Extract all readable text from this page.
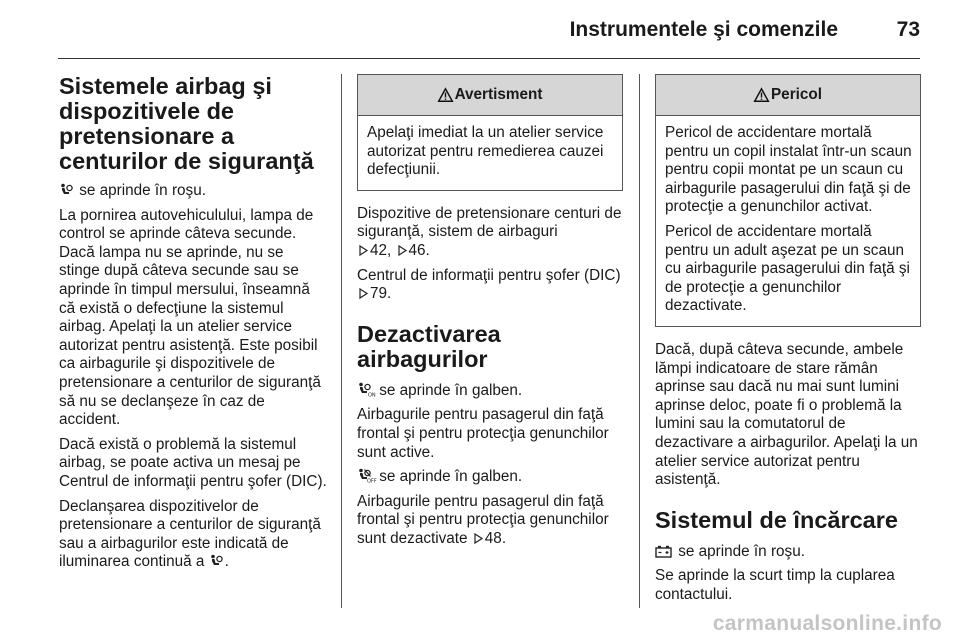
Instrumentele şi comenzile	73
Sistemele airbag şi dispozitivele de pretensionare a centurilor de siguranţă

se aprinde în roşu.

La pornirea autovehiculului, lampa de control se aprinde câteva secunde. Dacă lampa nu se aprinde, nu se stinge după câteva secunde sau se aprinde în timpul mersului, înseamnă că există o defecţiune la sistemul airbag. Apelaţi la un atelier service autorizat pentru asistenţă. Este posibil ca airbagurile şi dispozitivele de pretensionare a centurilor de siguranţă să nu se declanşeze în caz de accident.

Dacă există o problemă la sistemul airbag, se poate activa un mesaj pe Centrul de informaţii pentru şofer (DIC).

Declanşarea dispozitivelor de pretensionare a centurilor de siguranţă sau a airbagurilor este indicată de iluminarea continuă a .

Avertisment

Apelaţi imediat la un atelier service autorizat pentru remedierea cauzei defecţiunii.

Dispozitive de pretensionare centuri de siguranţă, sistem de airbaguri
42, 46.

Centrul de informaţii pentru şofer (DIC) 79.

Dezactivarea airbagurilor

ON se aprinde în galben.

Airbagurile pentru pasagerul din faţă frontal şi pentru protecţia genunchilor sunt active.

OFF
se aprinde în galben.

Airbagurile pentru pasagerul din faţă frontal şi pentru protecţia genunchilor sunt dezactivate 48.

Pericol

Pericol de accidentare mortală pentru un copil instalat într-un scaun pentru copii montat pe un scaun cu airbagurile pasagerului din faţă şi de protecţie a genunchilor activat.

Pericol de accidentare mortală pentru un adult aşezat pe un scaun cu airbagurile pasagerului din faţă şi de protecţie a genunchilor dezactivate.

Dacă, după câteva secunde, ambele lămpi indicatoare de stare rămân aprinse sau dacă nu mai sunt lumini aprinse deloc, poate fi o problemă la lumini sau la comutatorul de dezactivare a airbagurilor. Apelaţi la un atelier service autorizat pentru asistenţă.

Sistemul de încărcare

se aprinde în roşu.

Se aprinde la scurt timp la cuplarea contactului.

carmanualsonline.info
